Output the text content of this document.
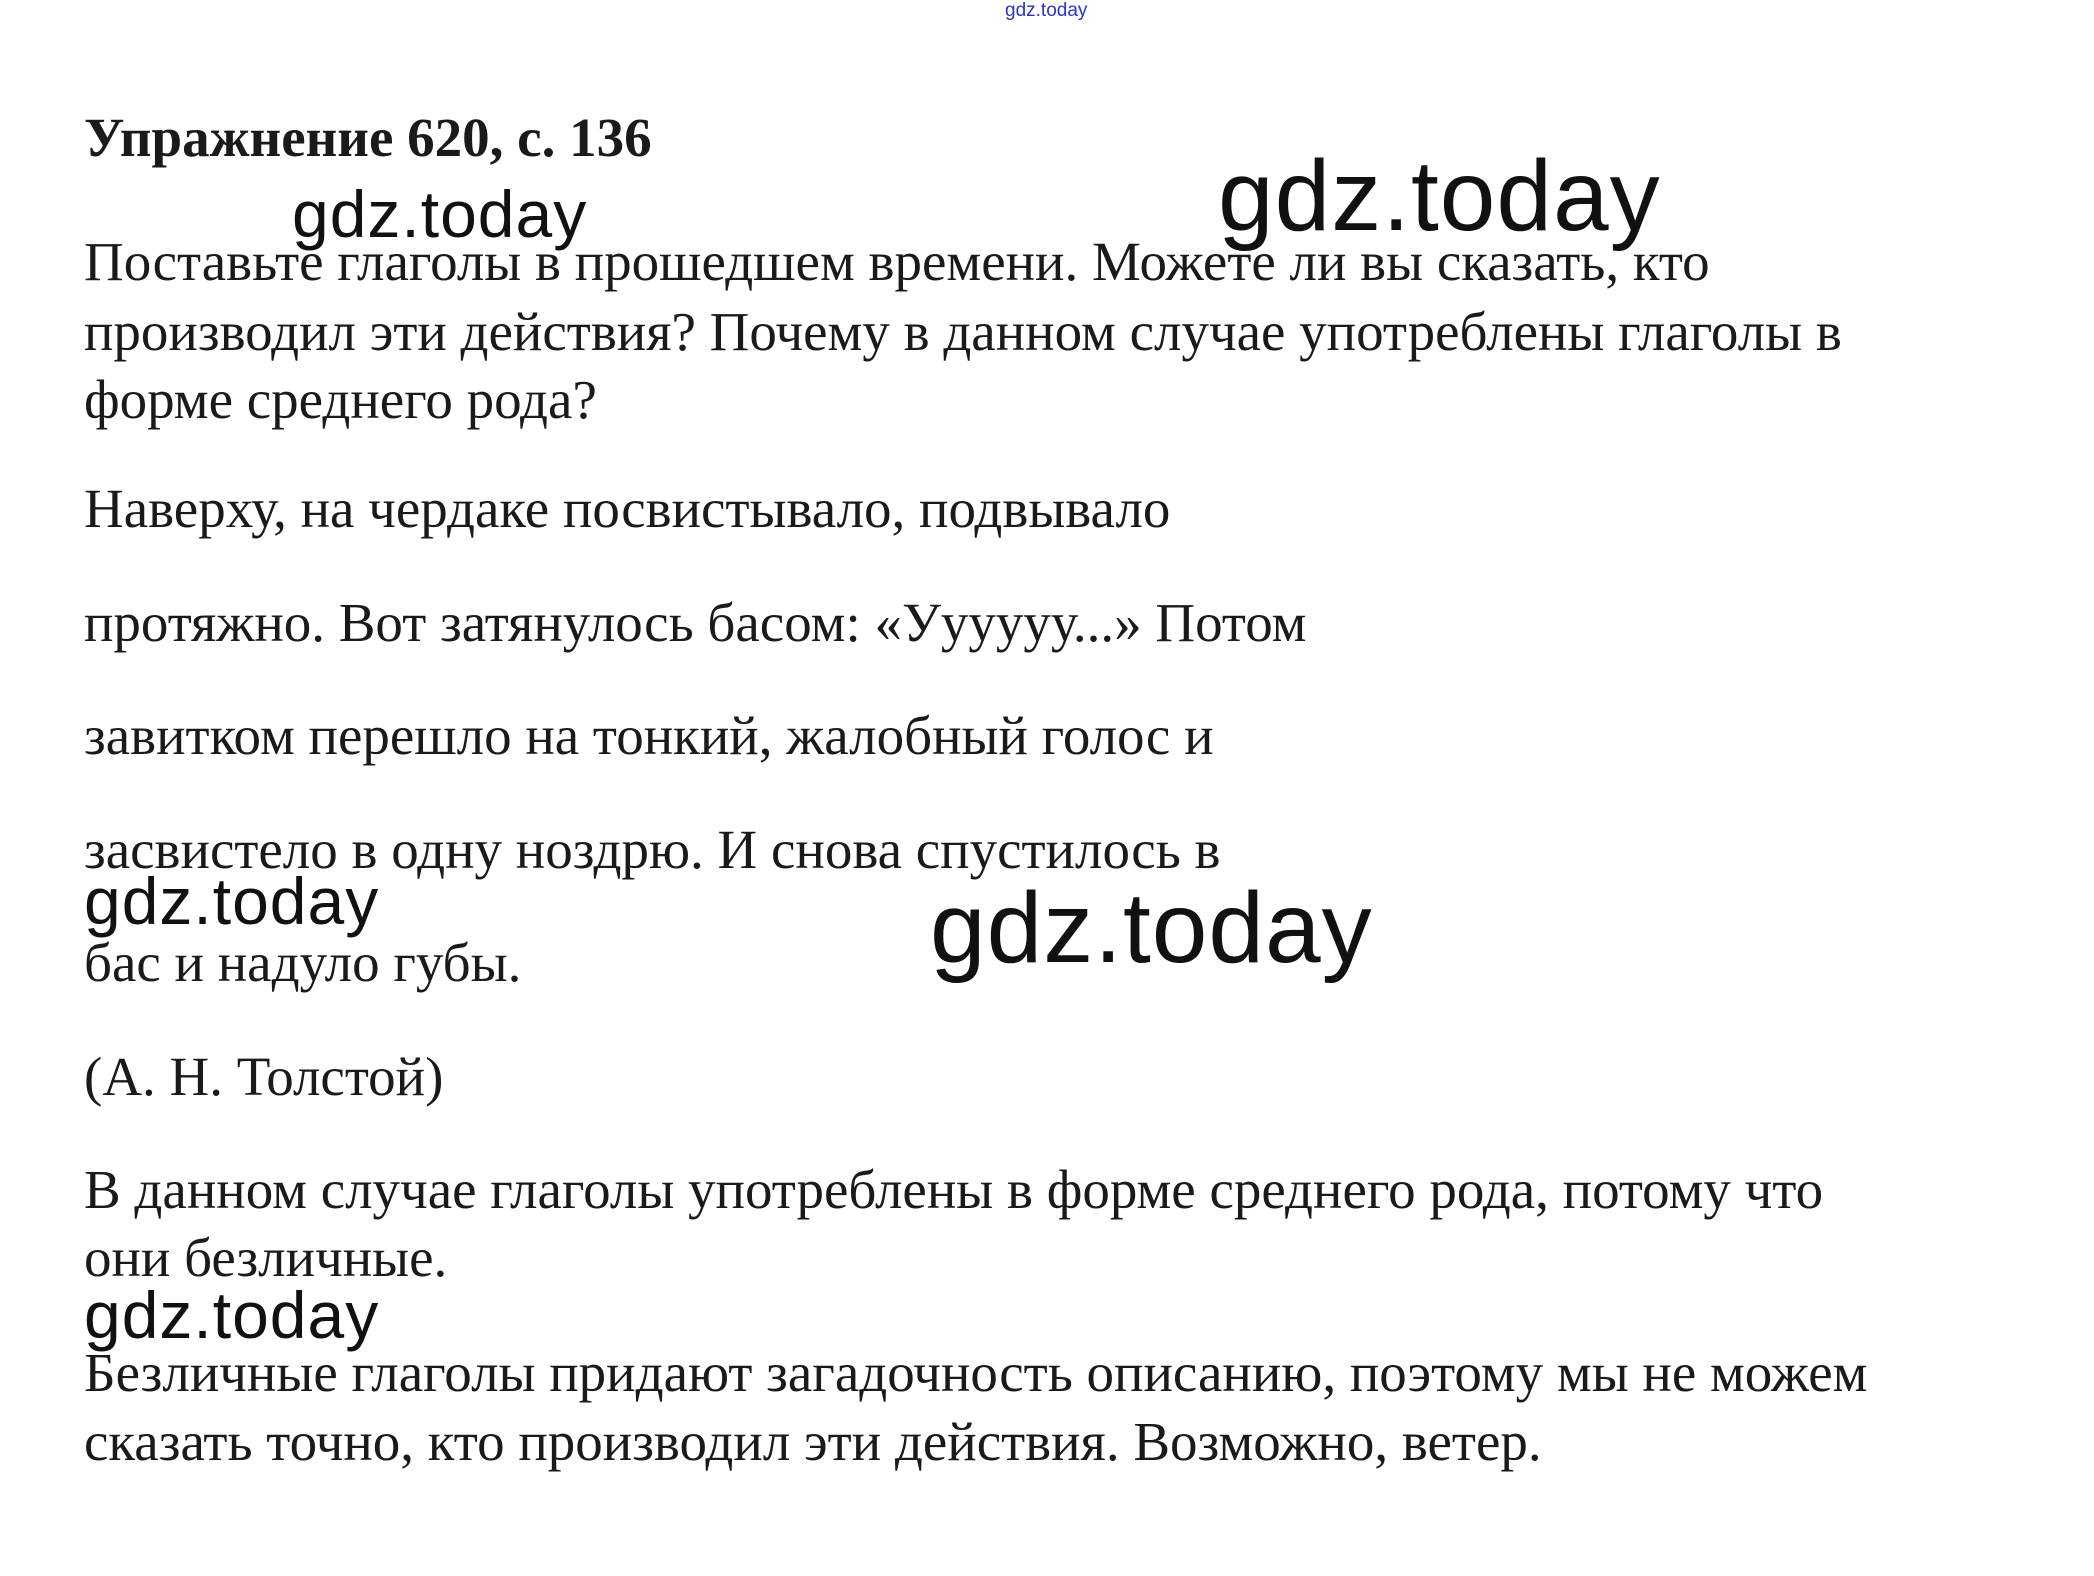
gdz.today
Упражнение 620, с. 136
gdz.today	gdz.today
Поставьте глаголы в прошедшем времени. Можете ли вы сказать, кто
производил эти действия? Почему в данном случае употреблены глаголы в
форме среднего рода?
Наверху, на чердаке посвистывало, подвывало
протяжно. Вот затянулось басом: «Уууууу...» Потом
завитком перешло на тонкий, жалобный голос и
засвистело в одну ноздрю. И снова спустилось в
gdz.today	gdz.today
бас и надуло губы.
(А. Н. Толстой)
В данном случае глаголы употреблены в форме среднего рода, потому что
они безличные.
gdz.today
Безличные глаголы придают загадочность описанию, поэтому мы не можем
сказать точно, кто производил эти действия. Возможно, ветер.
